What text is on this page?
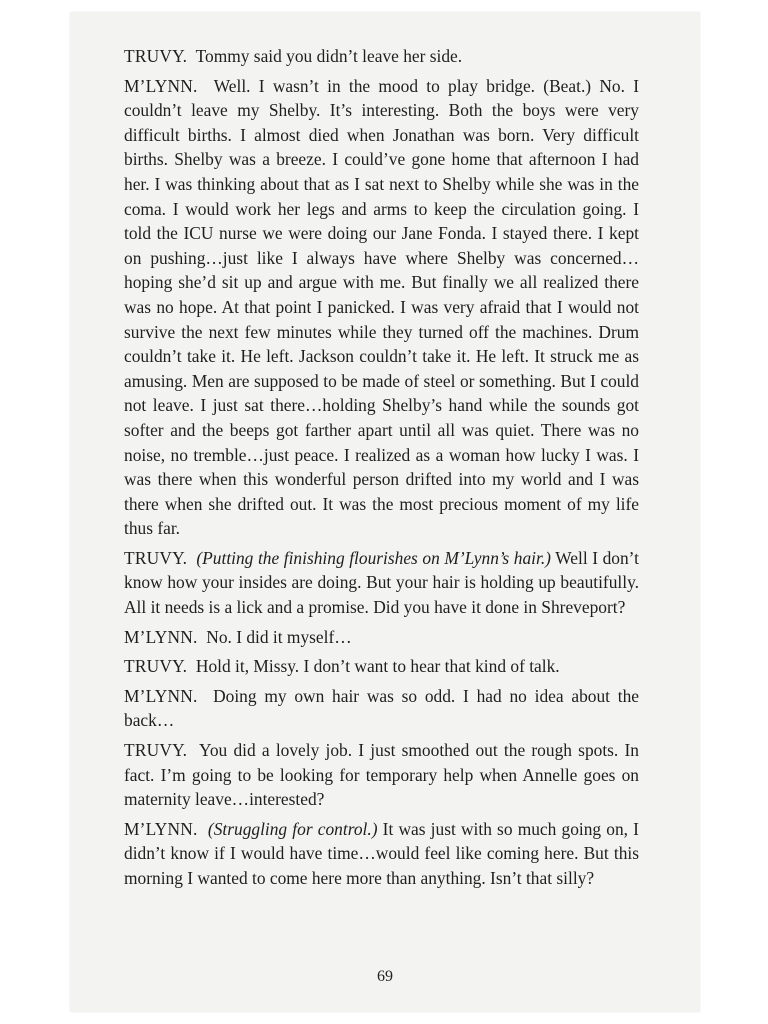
TRUVY. Tommy said you didn’t leave her side.

M’LYNN. Well. I wasn’t in the mood to play bridge. (Beat.) No. I couldn’t leave my Shelby. It’s interesting. Both the boys were very difficult births. I almost died when Jonathan was born. Very difficult births. Shelby was a breeze. I could’ve gone home that afternoon I had her. I was thinking about that as I sat next to Shelby while she was in the coma. I would work her legs and arms to keep the circulation going. I told the ICU nurse we were doing our Jane Fonda. I stayed there. I kept on pushing…just like I always have where Shelby was concerned…hoping she’d sit up and argue with me. But finally we all realized there was no hope. At that point I panicked. I was very afraid that I would not survive the next few minutes while they turned off the machines. Drum couldn’t take it. He left. Jackson couldn’t take it. He left. It struck me as amusing. Men are supposed to be made of steel or something. But I could not leave. I just sat there…holding Shelby’s hand while the sounds got softer and the beeps got farther apart until all was quiet. There was no noise, no tremble…just peace. I realized as a woman how lucky I was. I was there when this wonderful person drifted into my world and I was there when she drifted out. It was the most precious moment of my life thus far.

TRUVY. (Putting the finishing flourishes on M’Lynn’s hair.) Well I don’t know how your insides are doing. But your hair is holding up beautifully. All it needs is a lick and a promise. Did you have it done in Shreveport?

M’LYNN. No. I did it myself…

TRUVY. Hold it, Missy. I don’t want to hear that kind of talk.

M’LYNN. Doing my own hair was so odd. I had no idea about the back…

TRUVY. You did a lovely job. I just smoothed out the rough spots. In fact. I’m going to be looking for temporary help when Annelle goes on maternity leave…interested?

M’LYNN. (Struggling for control.) It was just with so much going on, I didn’t know if I would have time…would feel like coming here. But this morning I wanted to come here more than anything. Isn’t that silly?

69
